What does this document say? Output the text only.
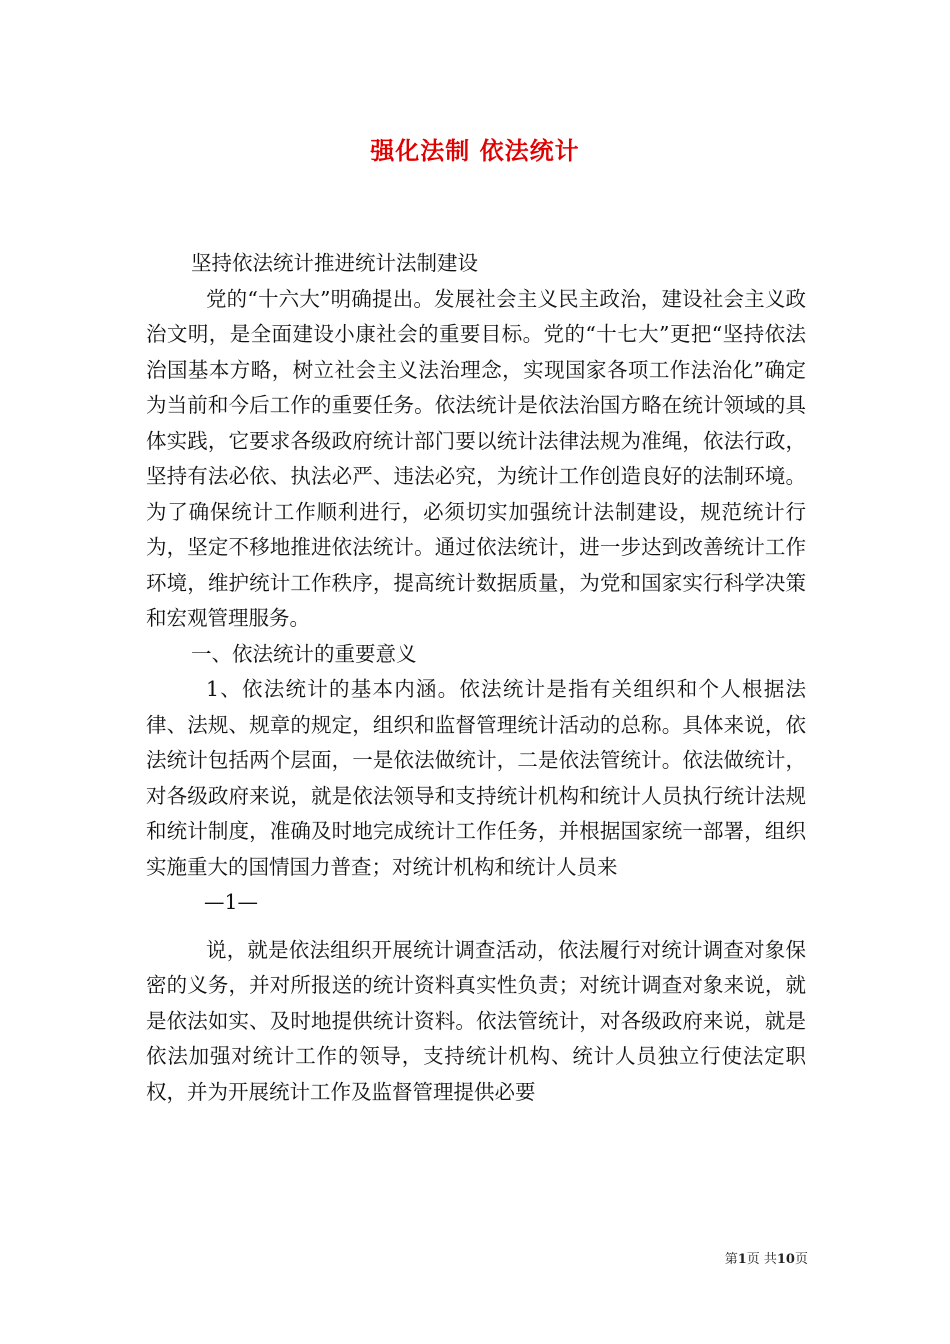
强化法制 依法统计

坚持依法统计推进统计法制建设

党的“十六大”明确提出。发展社会主义民主政治，建设社会主义政治文明，是全面建设小康社会的重要目标。党的“十七大”更把“坚持依法治国基本方略，树立社会主义法治理念，实现国家各项工作法治化”确定为当前和今后工作的重要任务。依法统计是依法治国方略在统计领域的具体实践，它要求各级政府统计部门要以统计法律法规为准绳，依法行政，坚持有法必依、执法必严、违法必究，为统计工作创造良好的法制环境。为了确保统计工作顺利进行，必须切实加强统计法制建设，规范统计行为，坚定不移地推进依法统计。通过依法统计，进一步达到改善统计工作环境，维护统计工作秩序，提高统计数据质量，为党和国家实行科学决策和宏观管理服务。

一、依法统计的重要意义

1、依法统计的基本内涵。依法统计是指有关组织和个人根据法律、法规、规章的规定，组织和监督管理统计活动的总称。具体来说，依法统计包括两个层面，一是依法做统计，二是依法管统计。依法做统计，对各级政府来说，就是依法领导和支持统计机构和统计人员执行统计法规和统计制度，准确及时地完成统计工作任务，并根据国家统一部署，组织实施重大的国情国力普查；对统计机构和统计人员来

—1—

说，就是依法组织开展统计调查活动，依法履行对统计调查对象保密的义务，并对所报送的统计资料真实性负责；对统计调查对象来说，就是依法如实、及时地提供统计资料。依法管统计，对各级政府来说，就是依法加强对统计工作的领导，支持统计机构、统计人员独立行使法定职权，并为开展统计工作及监督管理提供必要

第1页 共10页
